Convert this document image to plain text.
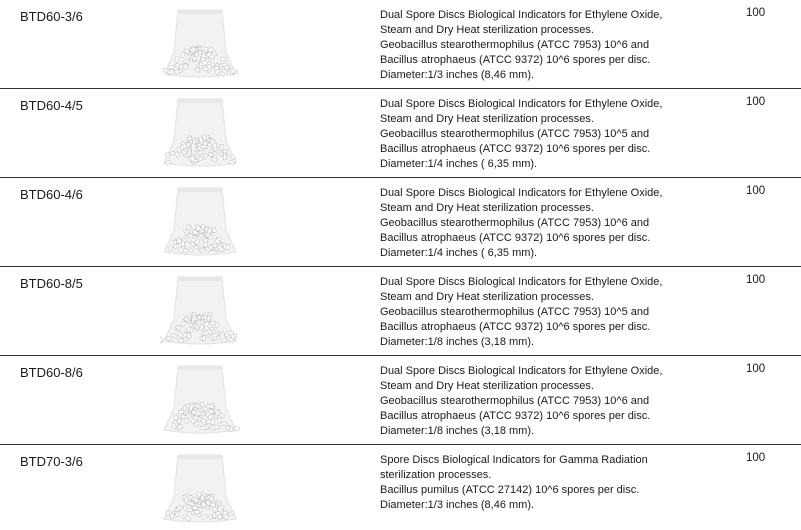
BTD60-3/6	Dual Spore Discs Biological Indicators for Ethylene Oxide,
Steam and Dry Heat sterilization processes.
Geobacillus stearothermophilus (ATCC 7953) 10^6 and
Bacillus atrophaeus (ATCC 9372) 10^6 spores per disc.
Diameter:1/3 inches (8,46 mm).
100
BTD60-4/5	Dual Spore Discs Biological Indicators for Ethylene Oxide,
Steam and Dry Heat sterilization processes.
Geobacillus stearothermophilus (ATCC 7953) 10^5 and
Bacillus atrophaeus (ATCC 9372) 10^6 spores per disc.
Diameter:1/4 inches ( 6,35 mm).
100
BTD60-4/6	Dual Spore Discs Biological Indicators for Ethylene Oxide,
Steam and Dry Heat sterilization processes.
Geobacillus stearothermophilus (ATCC 7953) 10^6 and
Bacillus atrophaeus (ATCC 9372) 10^6 spores per disc.
Diameter:1/4 inches ( 6,35 mm).
100
BTD60-8/5	Dual Spore Discs Biological Indicators for Ethylene Oxide,
Steam and Dry Heat sterilization processes.
Geobacillus stearothermophilus (ATCC 7953) 10^5 and
Bacillus atrophaeus (ATCC 9372) 10^6 spores per disc.
Diameter:1/8 inches (3,18 mm).
100
BTD60-8/6	Dual Spore Discs Biological Indicators for Ethylene Oxide,
Steam and Dry Heat sterilization processes.
Geobacillus stearothermophilus (ATCC 7953) 10^6 and
Bacillus atrophaeus (ATCC 9372) 10^6 spores per disc.
Diameter:1/8 inches (3,18 mm).
100
BTD70-3/6	Spore Discs Biological Indicators for Gamma Radiation
sterilization processes.
Bacillus pumilus (ATCC 27142) 10^6 spores per disc.
Diameter:1/3 inches (8,46 mm).
100
